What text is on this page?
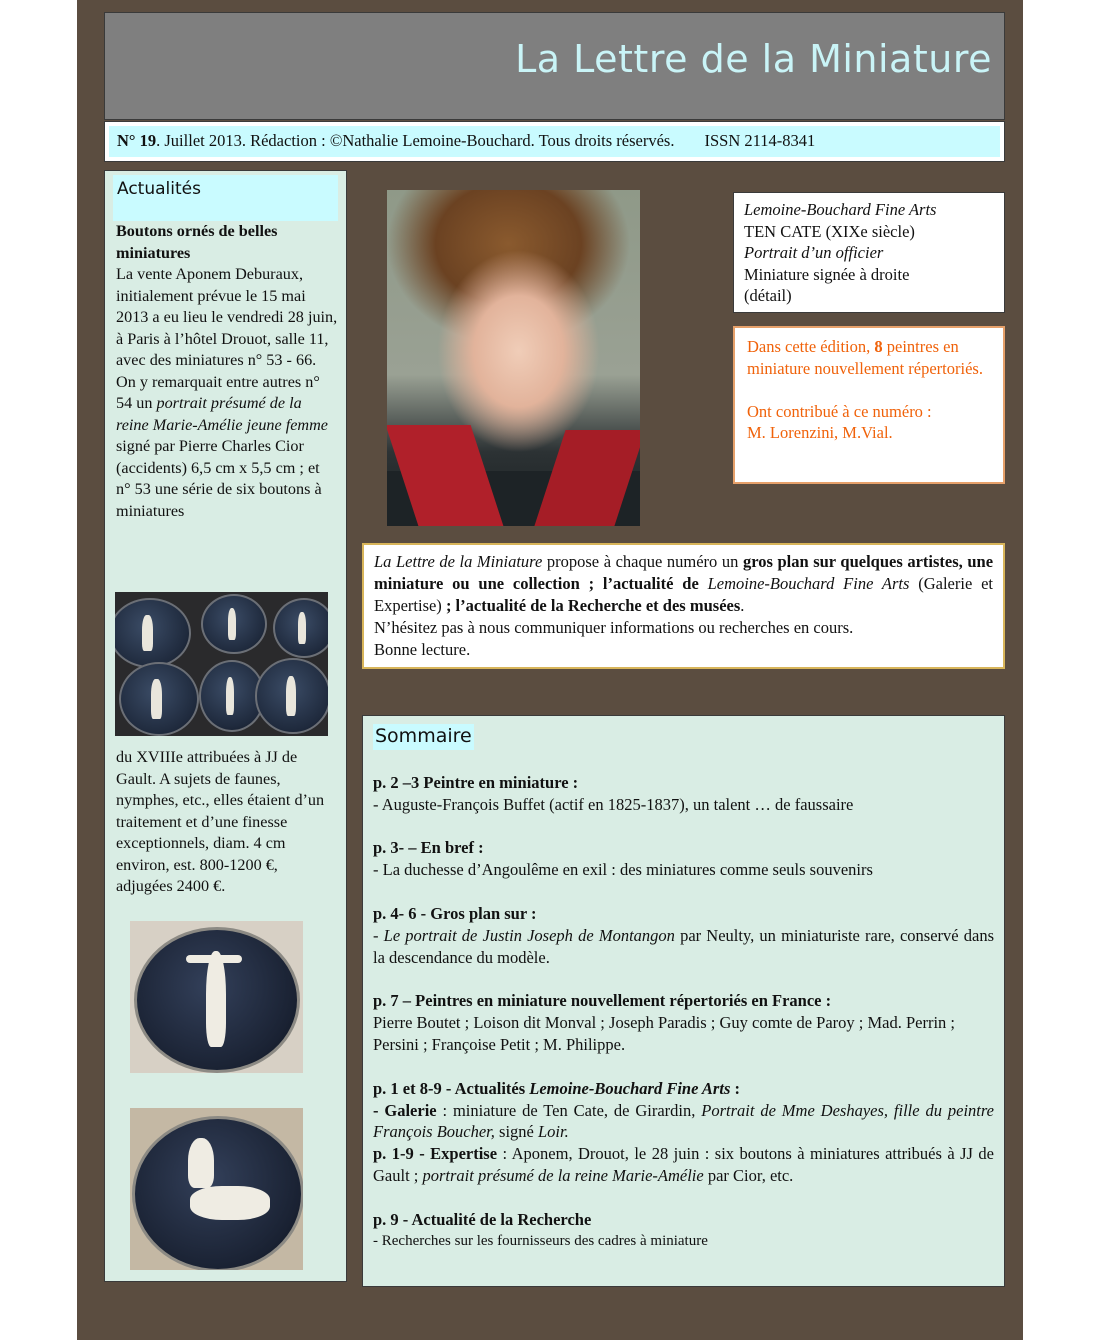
La Lettre de la Miniature
N° 19. Juillet 2013. Rédaction : ©Nathalie Lemoine-Bouchard. Tous droits réservés. ISSN 2114-8341
Actualités
Boutons ornés de belles miniatures
La vente Aponem Deburaux, initialement prévue le 15 mai 2013 a eu lieu le vendredi 28 juin, à Paris à l’hôtel Drouot, salle 11, avec des miniatures n° 53 - 66. On y remarquait entre autres n° 54 un portrait présumé de la reine Marie-Amélie jeune femme signé par Pierre Charles Cior (accidents) 6,5 cm x 5,5 cm ; et n° 53 une série de six boutons à miniatures
du XVIIIe attribuées à JJ de Gault. A sujets de faunes, nymphes, etc., elles étaient d’un traitement et d’une finesse exceptionnels, diam. 4 cm environ, est. 800-1200 €, adjugées 2400 €.
Lemoine-Bouchard Fine Arts
TEN CATE (XIXe siècle)
Portrait d’un officier
Miniature signée à droite
(détail)

Dans cette édition, 8 peintres en miniature nouvellement répertoriés.

Ont contribué à ce numéro :
M. Lorenzini, M.Vial.

La Lettre de la Miniature propose à chaque numéro un gros plan sur quelques artistes, une miniature ou une collection ; l’actualité de Lemoine-Bouchard Fine Arts (Galerie et Expertise) ; l’actualité de la Recherche et des musées.
N’hésitez pas à nous communiquer informations ou recherches en cours.
Bonne lecture.
Sommaire
p. 2 –3 Peintre en miniature :
- Auguste-François Buffet (actif en 1825-1837), un talent … de faussaire
p. 3- – En bref :
- La duchesse d’Angoulême en exil : des miniatures comme seuls souvenirs
p. 4- 6 - Gros plan sur :
- Le portrait de Justin Joseph de Montangon par Neulty, un miniaturiste rare, conservé dans la descendance du modèle.
p. 7 – Peintres en miniature nouvellement répertoriés en France :
Pierre Boutet ; Loison dit Monval ; Joseph Paradis ; Guy comte de Paroy ; Mad. Perrin ; Persini ; Françoise Petit ; M. Philippe.
p. 1 et 8-9 - Actualités Lemoine-Bouchard Fine Arts :
- Galerie : miniature de Ten Cate, de Girardin, Portrait de Mme Deshayes, fille du peintre François Boucher, signé Loir.
p. 1-9 - Expertise : Aponem, Drouot, le 28 juin : six boutons à miniatures attribués à JJ de Gault ; portrait présumé de la reine Marie-Amélie par Cior, etc.
p. 9 - Actualité de la Recherche
- Recherches sur les fournisseurs des cadres à miniature
